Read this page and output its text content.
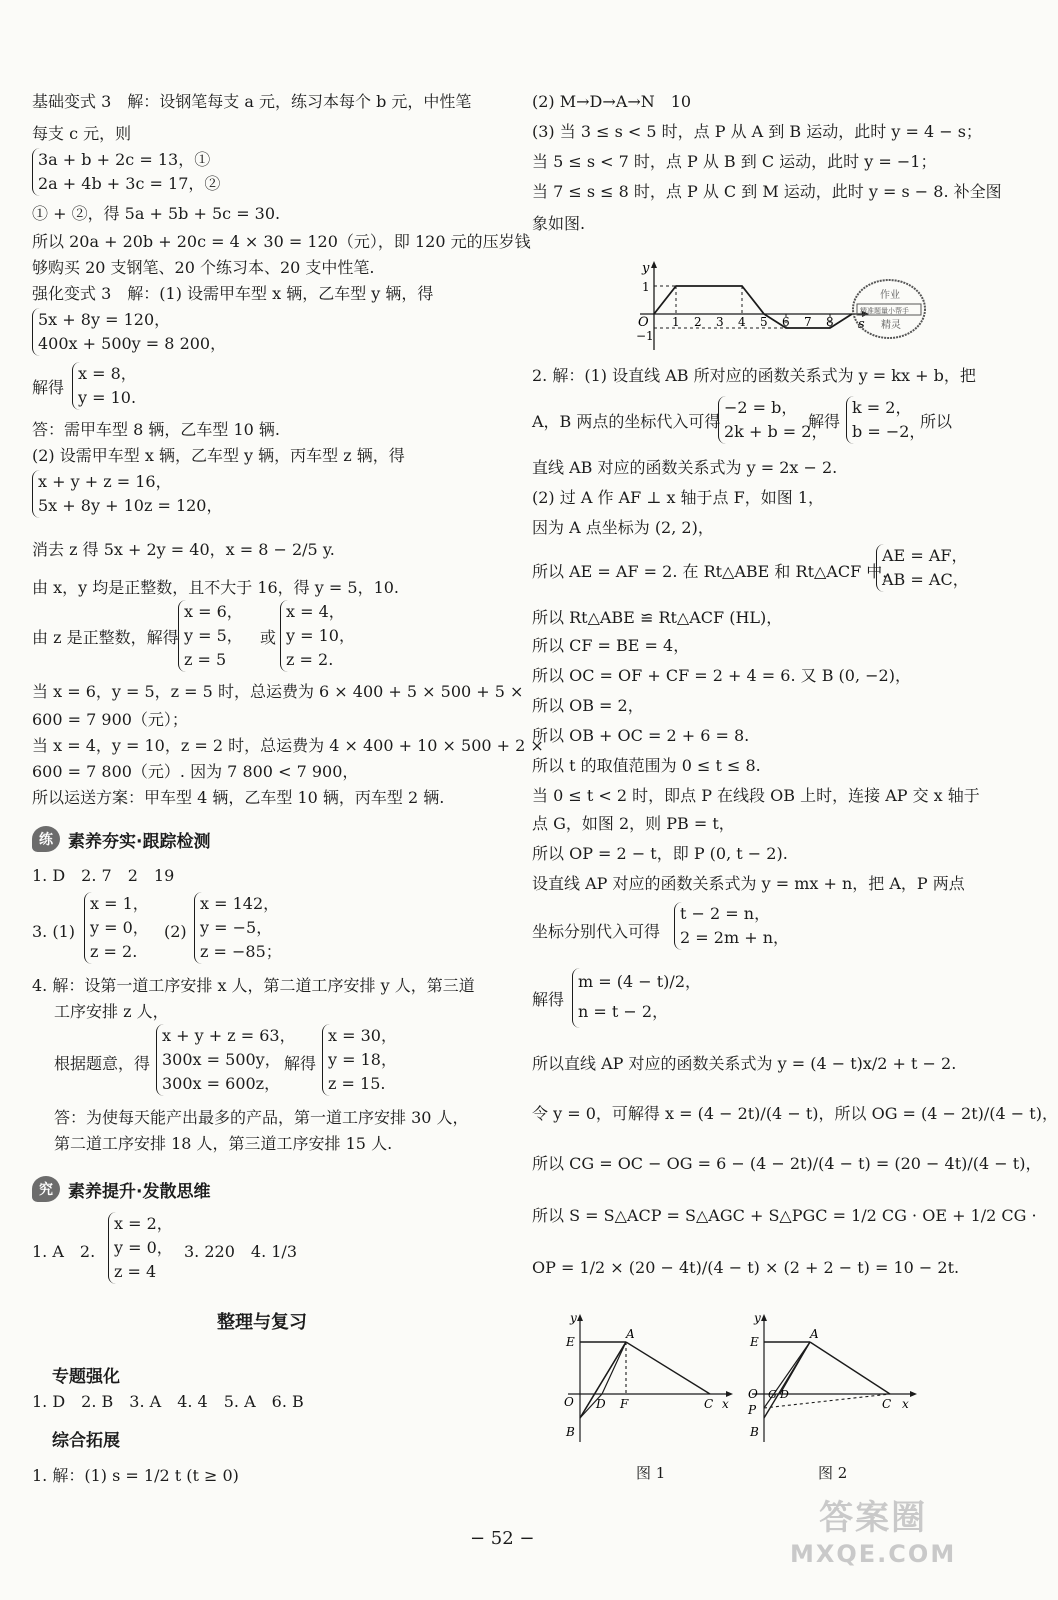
基础变式 3　解：设钢笔每支 a 元，练习本每个 b 元，中性笔
每支 c 元，则
3a + b + 2c = 13，①
2a + 4b + 3c = 17，②
① + ②，得 5a + 5b + 5c = 30.
所以 20a + 20b + 20c = 4 × 30 = 120（元），即 120 元的压岁钱
够购买 20 支钢笔、20 个练习本、20 支中性笔.
强化变式 3　解：(1) 设需甲车型 x 辆，乙车型 y 辆，得
5x + 8y = 120，
400x + 500y = 8 200，
解得
x = 8，
y = 10.
答：需甲车型 8 辆，乙车型 10 辆.
(2) 设需甲车型 x 辆，乙车型 y 辆，丙车型 z 辆，得
x + y + z = 16，
5x + 8y + 10z = 120，
消去 z 得 5x + 2y = 40，x = 8 − 2/5 y.
由 x，y 均是正整数，且不大于 16，得 y = 5，10.
由 z 是正整数，解得
x = 6，
y = 5，
z = 5
或
x = 4，
y = 10，
z = 2.
当 x = 6，y = 5，z = 5 时，总运费为 6 × 400 + 5 × 500 + 5 ×
600 = 7 900（元）；
当 x = 4，y = 10，z = 2 时，总运费为 4 × 400 + 10 × 500 + 2 ×
600 = 7 800（元）. 因为 7 800 < 7 900，
所以运送方案：甲车型 4 辆，乙车型 10 辆，丙车型 2 辆.
练 素养夯实·跟踪检测
1. D　2. 7　2　19
3. (1)
x = 1，
y = 0，
z = 2.
(2)
x = 142，
y = −5，
z = −85；
4. 解：设第一道工序安排 x 人，第二道工序安排 y 人，第三道
工序安排 z 人，
根据题意，得
x + y + z = 63，
300x = 500y，
300x = 600z，
解得
x = 30，
y = 18，
z = 15.
答：为使每天能产出最多的产品，第一道工序安排 30 人，
第二道工序安排 18 人，第三道工序安排 15 人.
究 素养提升·发散思维
1. A　2.
x = 2，
y = 0，
z = 4
3. 220　4. 1/3
整理与复习
专题强化
1. D　2. B　3. A　4. 4　5. A　6. B
综合拓展
1. 解：(1) s = 1/2 t (t ≥ 0)
(2) M→D→A→N　10
(3) 当 3 ≤ s < 5 时，点 P 从 A 到 B 运动，此时 y = 4 − s；
当 5 ≤ s < 7 时，点 P 从 B 到 C 运动，此时 y = −1；
当 7 ≤ s ≤ 8 时，点 P 从 C 到 M 运动，此时 y = s − 8. 补全图
象如图.
y
s
O
1
−1
1 2 3 4 5 6 7 8
作业
精准题量小帮手
精灵
2. 解：(1) 设直线 AB 所对应的函数关系式为 y = kx + b，把
A，B 两点的坐标代入可得
−2 = b，
2k + b = 2，
解得
k = 2，
b = −2，
所以
直线 AB 对应的函数关系式为 y = 2x − 2.
(2) 过 A 作 AF ⊥ x 轴于点 F，如图 1，
因为 A 点坐标为 (2, 2)，
所以 AE = AF = 2. 在 Rt△ABE 和 Rt△ACF 中，
AE = AF，
AB = AC，
所以 Rt△ABE ≌ Rt△ACF (HL)，
所以 CF = BE = 4，
所以 OC = OF + CF = 2 + 4 = 6. 又 B (0, −2)，
所以 OB = 2，
所以 OB + OC = 2 + 6 = 8.
所以 t 的取值范围为 0 ≤ t ≤ 8.
当 0 ≤ t < 2 时，即点 P 在线段 OB 上时，连接 AP 交 x 轴于
点 G，如图 2，则 PB = t，
所以 OP = 2 − t，即 P (0, t − 2).
设直线 AP 对应的函数关系式为 y = mx + n，把 A，P 两点
坐标分别代入可得
t − 2 = n，
2 = 2m + n，
解得
m = (4 − t)/2，
n = t − 2，
所以直线 AP 对应的函数关系式为 y = (4 − t)x/2 + t − 2.
令 y = 0，可解得 x = (4 − 2t)/(4 − t)，所以 OG = (4 − 2t)/(4 − t)，
所以 CG = OC − OG = 6 − (4 − 2t)/(4 − t) = (20 − 4t)/(4 − t)，
所以 S = S△ACP = S△AGC + S△PGC = 1/2 CG · OE + 1/2 CG ·
OP = 1/2 × (20 − 4t)/(4 − t) × (2 + 2 − t) = 10 − 2t.
y
E
A
O D F	C x
B
图 1
y
E
A
O G D
C x
P
B
图 2
− 52 −
答案圈
MXQE.COM
